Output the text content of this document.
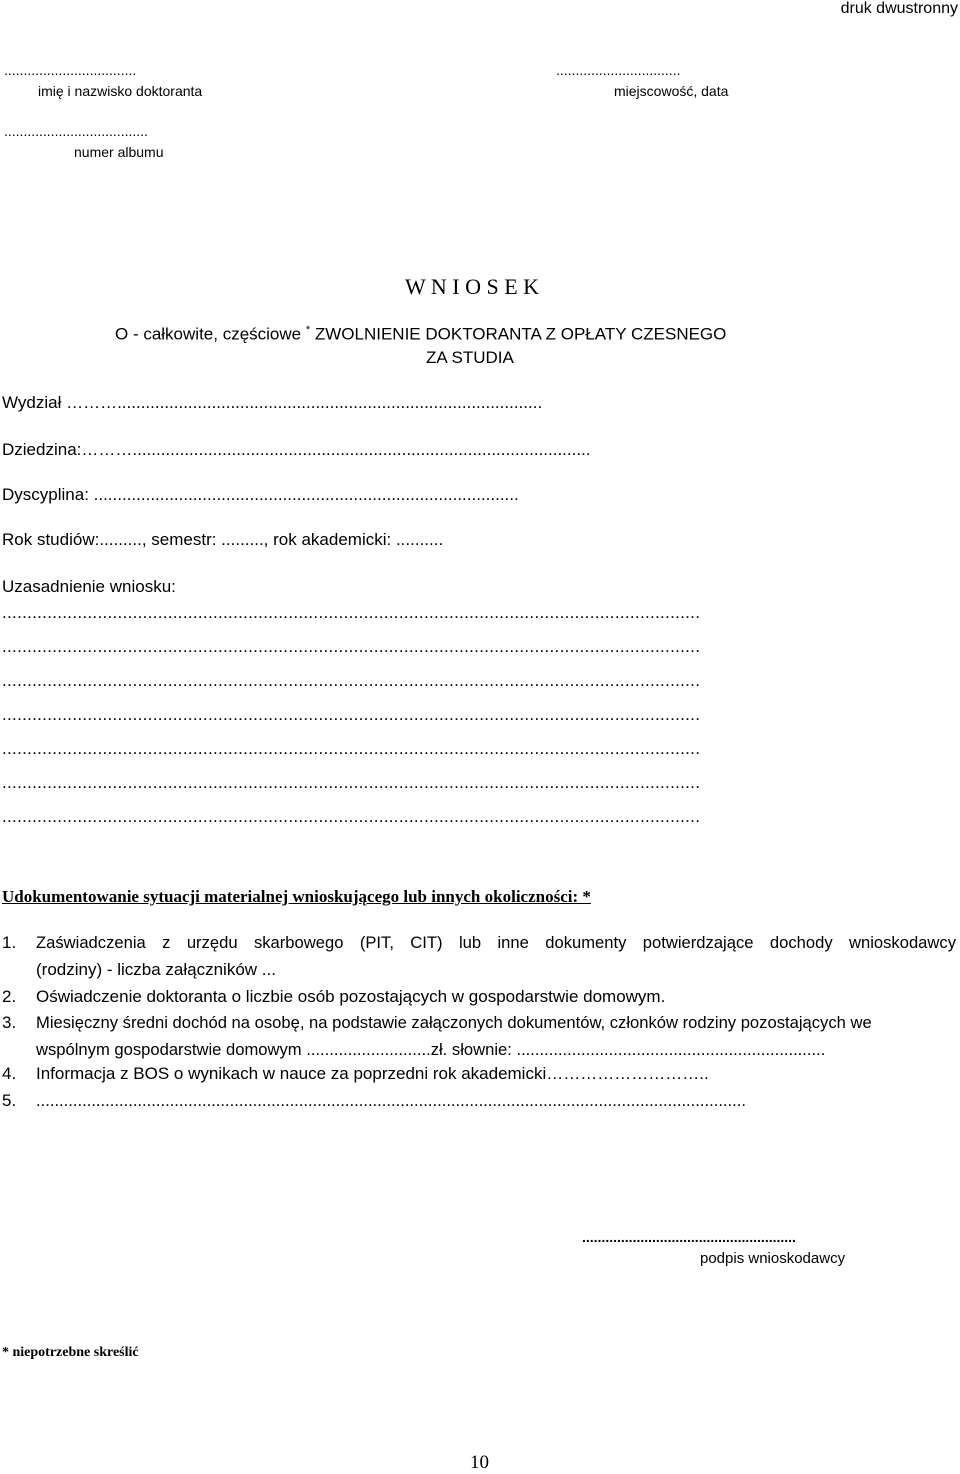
druk dwustronny
..................................
imię i nazwisko doktoranta
................................
miejscowość, data
.....................................
numer albumu
W N I O S E K
O - całkowite, częściowe * ZWOLNIENIE DOKTORANTA Z OPŁATY CZESNEGO
ZA STUDIA
Wydział ………..........................................................................................
Dziedzina:……….................................................................................................
Dyscyplina: ..........................................................................................
Rok studiów:........., semestr: ........., rok akademicki: ..........
Uzasadnienie wniosku:
...........................................................................................................................................
...........................................................................................................................................
...........................................................................................................................................
...........................................................................................................................................
...........................................................................................................................................
...........................................................................................................................................
...........................................................................................................................................
Udokumentowanie sytuacji materialnej wnioskującego lub innych okoliczności: *
1. Zaświadczenia z urzędu skarbowego (PIT, CIT) lub inne dokumenty potwierdzające dochody wnioskodawcy
(rodziny) - liczba załączników ...
2. Oświadczenie doktoranta o liczbie osób pozostających w gospodarstwie domowym.
3. Miesięczny średni dochód na osobę, na podstawie załączonych dokumentów, członków rodziny pozostających we
wspólnym gospodarstwie domowym ...........................zł. słownie: ...................................................................
4. Informacja z BOS o wynikach w nauce za poprzedni rok akademicki………………………..
5. ..........................................................................................................................................................
.......................................................
podpis wnioskodawcy
* niepotrzebne skreślić
10
